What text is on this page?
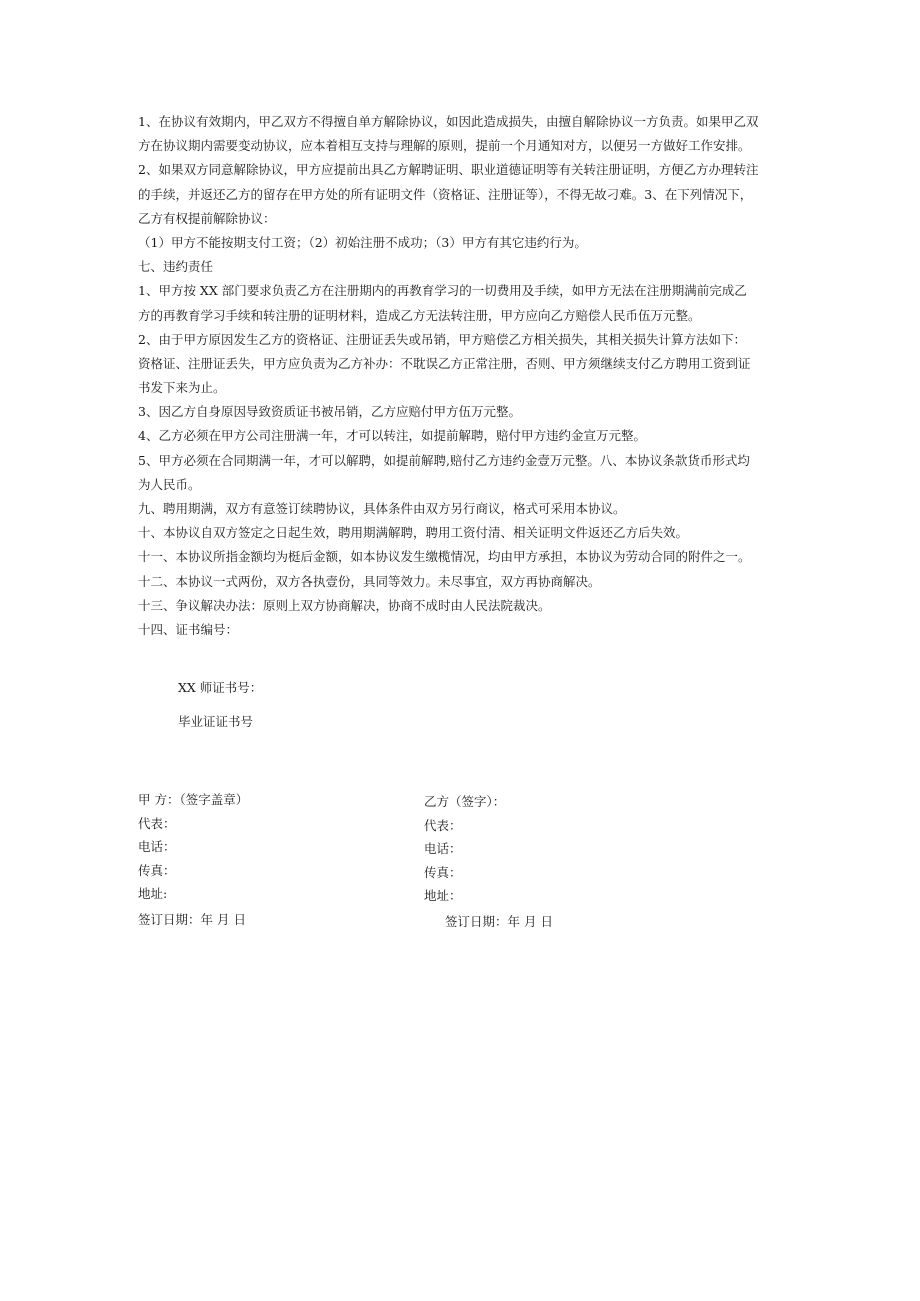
1、在协议有效期内，甲乙双方不得擅自单方解除协议，如因此造成损失，由擅自解除协议一方负责。如果甲乙双
方在协议期内需要变动协议，应本着相互支持与理解的原则，提前一个月通知对方，以便另一方做好工作安排。
2、如果双方同意解除协议，甲方应提前出具乙方解聘证明、职业道德证明等有关转注册证明，方便乙方办理转注
的手续，并返还乙方的留存在甲方处的所有证明文件（资格证、注册证等），不得无故刁难。3、在下列情况下，
乙方有权提前解除协议：
（1）甲方不能按期支付工资；（2）初始注册不成功；（3）甲方有其它违约行为。
七、违约责任
1、甲方按 XX 部门要求负责乙方在注册期内的再教育学习的一切费用及手续，如甲方无法在注册期满前完成乙
方的再教育学习手续和转注册的证明材料，造成乙方无法转注册，甲方应向乙方赔偿人民币伍万元整。
2、由于甲方原因发生乙方的资格证、注册证丢失或吊销，甲方赔偿乙方相关损失，其相关损失计算方法如下：
资格证、注册证丢失，甲方应负责为乙方补办：不耽误乙方正常注册，否则、甲方须继续支付乙方聘用工资到证
书发下来为止。
3、因乙方自身原因导致资质证书被吊销，乙方应赔付甲方伍万元整。
4、乙方必须在甲方公司注册满一年，才可以转注，如提前解聘，赔付甲方违约金宣万元整。
5、甲方必须在合同期满一年，才可以解聘，如提前解聘,赔付乙方违约金壹万元整。八、本协议条款货币形式均
为人民币。
九、聘用期满，双方有意签订续聘协议，具体条件由双方另行商议，格式可采用本协议。
十、本协议自双方签定之日起生效，聘用期满解聘，聘用工资付清、相关证明文件返还乙方后失效。
十一、本协议所指金额均为梃后金额，如本协议发生缴榄情况，均由甲方承担，本协议为劳动合同的附件之一。
十二、本协议一式两份，双方各执壹份，具同等效力。未尽事宜，双方再协商解决。
十三、争议解决办法：原则上双方协商解决，协商不成时由人民法院裁决。
十四、证书编号：
XX 师证书号：
毕业证证书号
甲 方：（签字盖章）
代表：
电话：
传真：
地址:
签订日期：年 月 日
乙方（签字）：
代表：
电话：
传真：
地址：
签订日期：年 月 日
